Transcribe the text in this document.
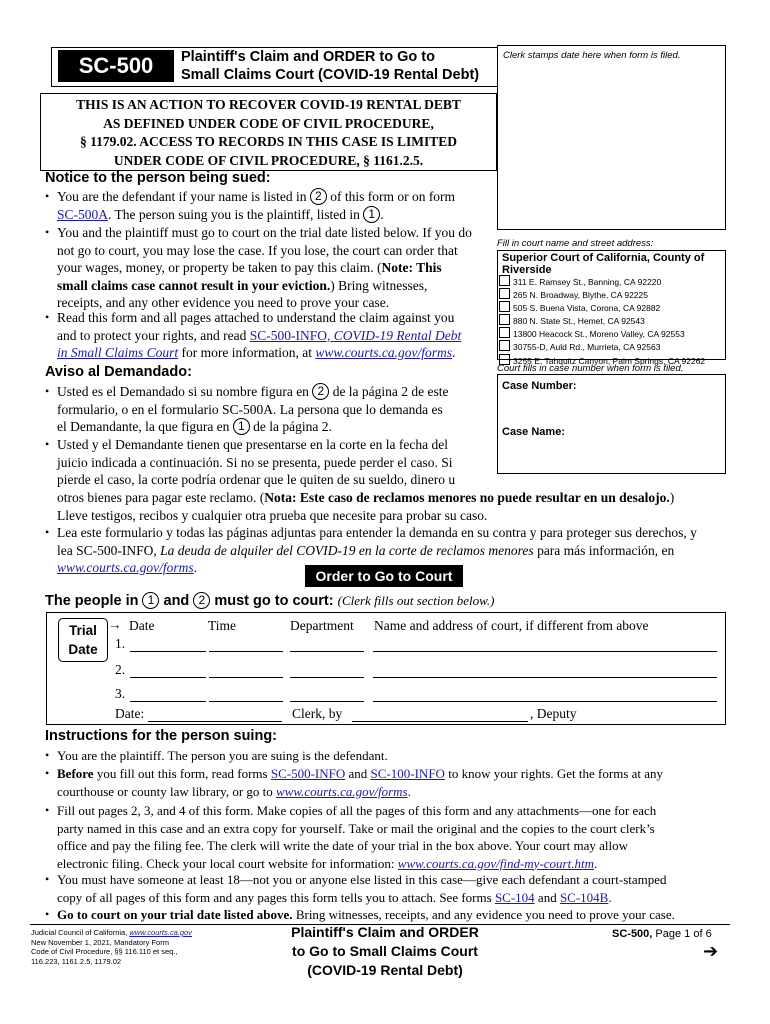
SC-500	Plaintiff's Claim and ORDER to Go to
Small Claims Court (COVID-19 Rental Debt)
Clerk stamps date here when form is filed.
THIS IS AN ACTION TO RECOVER COVID-19 RENTAL DEBT
AS DEFINED UNDER CODE OF CIVIL PROCEDURE,
§ 1179.02. ACCESS TO RECORDS IN THIS CASE IS LIMITED
UNDER CODE OF CIVIL PROCEDURE, § 1161.2.5.
Notice to the person being sued:
• You are the defendant if your name is listed in 2 of this form or on form
SC-500A. The person suing you is the plaintiff, listed in 1 .
• You and the plaintiff must go to court on the trial date listed below. If you do
not go to court, you may lose the case. If you lose, the court can order that
your wages, money, or property be taken to pay this claim. (Note: This
small claims case cannot result in your eviction.) Bring witnesses,
receipts, and any other evidence you need to prove your case.
• Read this form and all pages attached to understand the claim against you
and to protect your rights, and read SC-500-INFO, COVID-19 Rental Debt
in Small Claims Court for more information, at www.courts.ca.gov/forms.
Fill in court name and street address:
Superior Court of California, County of Riverside
311 E. Ramsey St., Banning, CA 92220
265 N. Broadway, Blythe, CA 92225
505 S. Buena Vista, Corona, CA 92882
880 N. State St., Hemet, CA 92543
13800 Heacock St., Moreno Valley, CA 92553
30755-D, Auld Rd., Murrieta, CA 92563
3255 E. Tahquitz Canyon, Palm Springs, CA 92262
Court fills in case number when form is filed.
Case Number:
Case Name:
Aviso al Demandado:
• Usted es el Demandado si su nombre figura en 2 de la página 2 de este
formulario, o en el formulario SC-500A. La persona que lo demanda es
el Demandante, la que figura en 1 de la página 2.
• Usted y el Demandante tienen que presentarse en la corte en la fecha del
juicio indicada a continuación. Si no se presenta, puede perder el caso. Si
pierde el caso, la corte podría ordenar que le quiten de su sueldo, dinero u
otros bienes para pagar este reclamo. (Nota: Este caso de reclamos menores no puede resultar en un desalojo.)
Lleve testigos, recibos y cualquier otra prueba que necesite para probar su caso.
• Lea este formulario y todas las páginas adjuntas para entender la demanda en su contra y para proteger sus derechos, y
lea SC-500-INFO, La deuda de alquiler del COVID-19 en la corte de reclamos menores para más información, en
www.courts.ca.gov/forms.
Order to Go to Court
The people in 1 and 2 must go to court: (Clerk fills out section below.)
Trial
Date
→ Date	Time	Department Name and address of court, if different from above
1.
2.
3.
Date:	Clerk, by	, Deputy
Instructions for the person suing:
• You are the plaintiff. The person you are suing is the defendant.
• Before you fill out this form, read forms SC-500-INFO and SC-100-INFO to know your rights. Get the forms at any
courthouse or county law library, or go to www.courts.ca.gov/forms.
• Fill out pages 2, 3, and 4 of this form. Make copies of all the pages of this form and any attachments—one for each
party named in this case and an extra copy for yourself. Take or mail the original and the copies to the court clerk’s
office and pay the filing fee. The clerk will write the date of your trial in the box above. Your court may allow
electronic filing. Check your local court website for information: www.courts.ca.gov/find-my-court.htm.
• You must have someone at least 18—not you or anyone else listed in this case—give each defendant a court-stamped
copy of all pages of this form and any pages this form tells you to attach. See forms SC-104 and SC-104B.
• Go to court on your trial date listed above. Bring witnesses, receipts, and any evidence you need to prove your case.
Judicial Council of California, www.courts.ca.gov
New November 1, 2021, Mandatory Form
Code of Civil Procedure, §§ 116.110 et seq.,
116.223, 1161.2.5, 1179.02
Plaintiff's Claim and ORDER
to Go to Small Claims Court
(COVID-19 Rental Debt)
SC-500, Page 1 of 6
➔
